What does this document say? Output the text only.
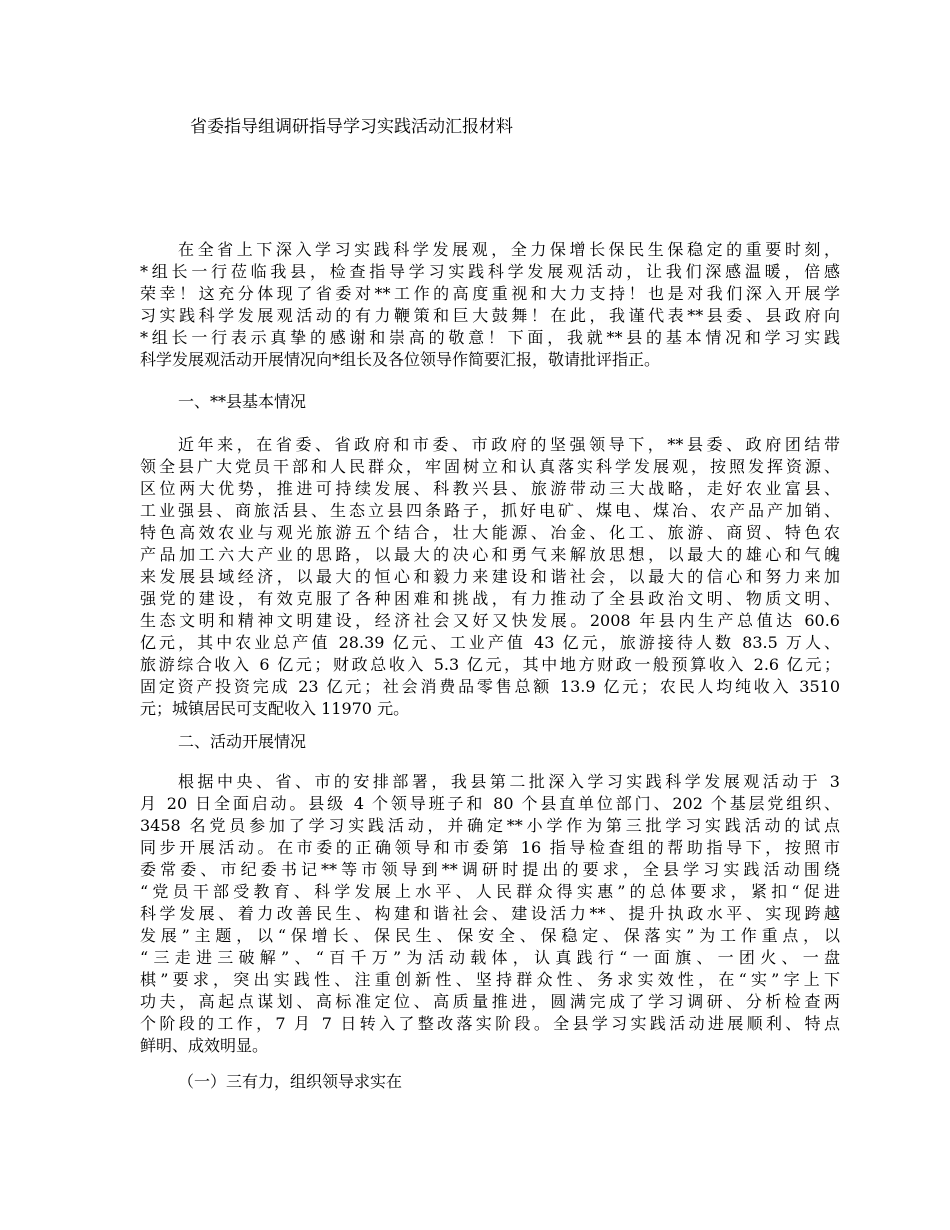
省委指导组调研指导学习实践活动汇报材料
在全省上下深入学习实践科学发展观，全力保增长保民生保稳定的重要时刻，
*组长一行莅临我县，检查指导学习实践科学发展观活动，让我们深感温暖，倍感
荣幸！这充分体现了省委对**工作的高度重视和大力支持！也是对我们深入开展学
习实践科学发展观活动的有力鞭策和巨大鼓舞！在此，我谨代表**县委、县政府向
*组长一行表示真挚的感谢和崇高的敬意！下面，我就**县的基本情况和学习实践
科学发展观活动开展情况向*组长及各位领导作简要汇报，敬请批评指正。
一、**县基本情况
近年来，在省委、省政府和市委、市政府的坚强领导下，**县委、政府团结带
领全县广大党员干部和人民群众，牢固树立和认真落实科学发展观，按照发挥资源、
区位两大优势，推进可持续发展、科教兴县、旅游带动三大战略，走好农业富县、
工业强县、商旅活县、生态立县四条路子，抓好电矿、煤电、煤冶、农产品产加销、
特色高效农业与观光旅游五个结合，壮大能源、冶金、化工、旅游、商贸、特色农
产品加工六大产业的思路，以最大的决心和勇气来解放思想，以最大的雄心和气魄
来发展县域经济，以最大的恒心和毅力来建设和谐社会，以最大的信心和努力来加
强党的建设，有效克服了各种困难和挑战，有力推动了全县政治文明、物质文明、
生态文明和精神文明建设，经济社会又好又快发展。2008 年县内生产总值达 60.6
亿元，其中农业总产值 28.39 亿元、工业产值 43 亿元，旅游接待人数 83.5 万人、
旅游综合收入 6 亿元；财政总收入 5.3 亿元，其中地方财政一般预算收入 2.6 亿元；
固定资产投资完成 23 亿元；社会消费品零售总额 13.9 亿元；农民人均纯收入 3510
元；城镇居民可支配收入 11970 元。
二、活动开展情况
根据中央、省、市的安排部署，我县第二批深入学习实践科学发展观活动于 3
月 20 日全面启动。县级 4 个领导班子和 80 个县直单位部门、202 个基层党组织、
3458 名党员参加了学习实践活动，并确定**小学作为第三批学习实践活动的试点
同步开展活动。在市委的正确领导和市委第 16 指导检查组的帮助指导下，按照市
委常委、市纪委书记**等市领导到**调研时提出的要求，全县学习实践活动围绕
“党员干部受教育、科学发展上水平、人民群众得实惠”的总体要求，紧扣“促进
科学发展、着力改善民生、构建和谐社会、建设活力**、提升执政水平、实现跨越
发展”主题，以“保增长、保民生、保安全、保稳定、保落实”为工作重点，以
“三走进三破解”、“百千万”为活动载体，认真践行“一面旗、一团火、一盘
棋”要求，突出实践性、注重创新性、坚持群众性、务求实效性，在“实”字上下
功夫，高起点谋划、高标准定位、高质量推进，圆满完成了学习调研、分析检查两
个阶段的工作，7 月 7 日转入了整改落实阶段。全县学习实践活动进展顺利、特点
鲜明、成效明显。
（一）三有力，组织领导求实在
